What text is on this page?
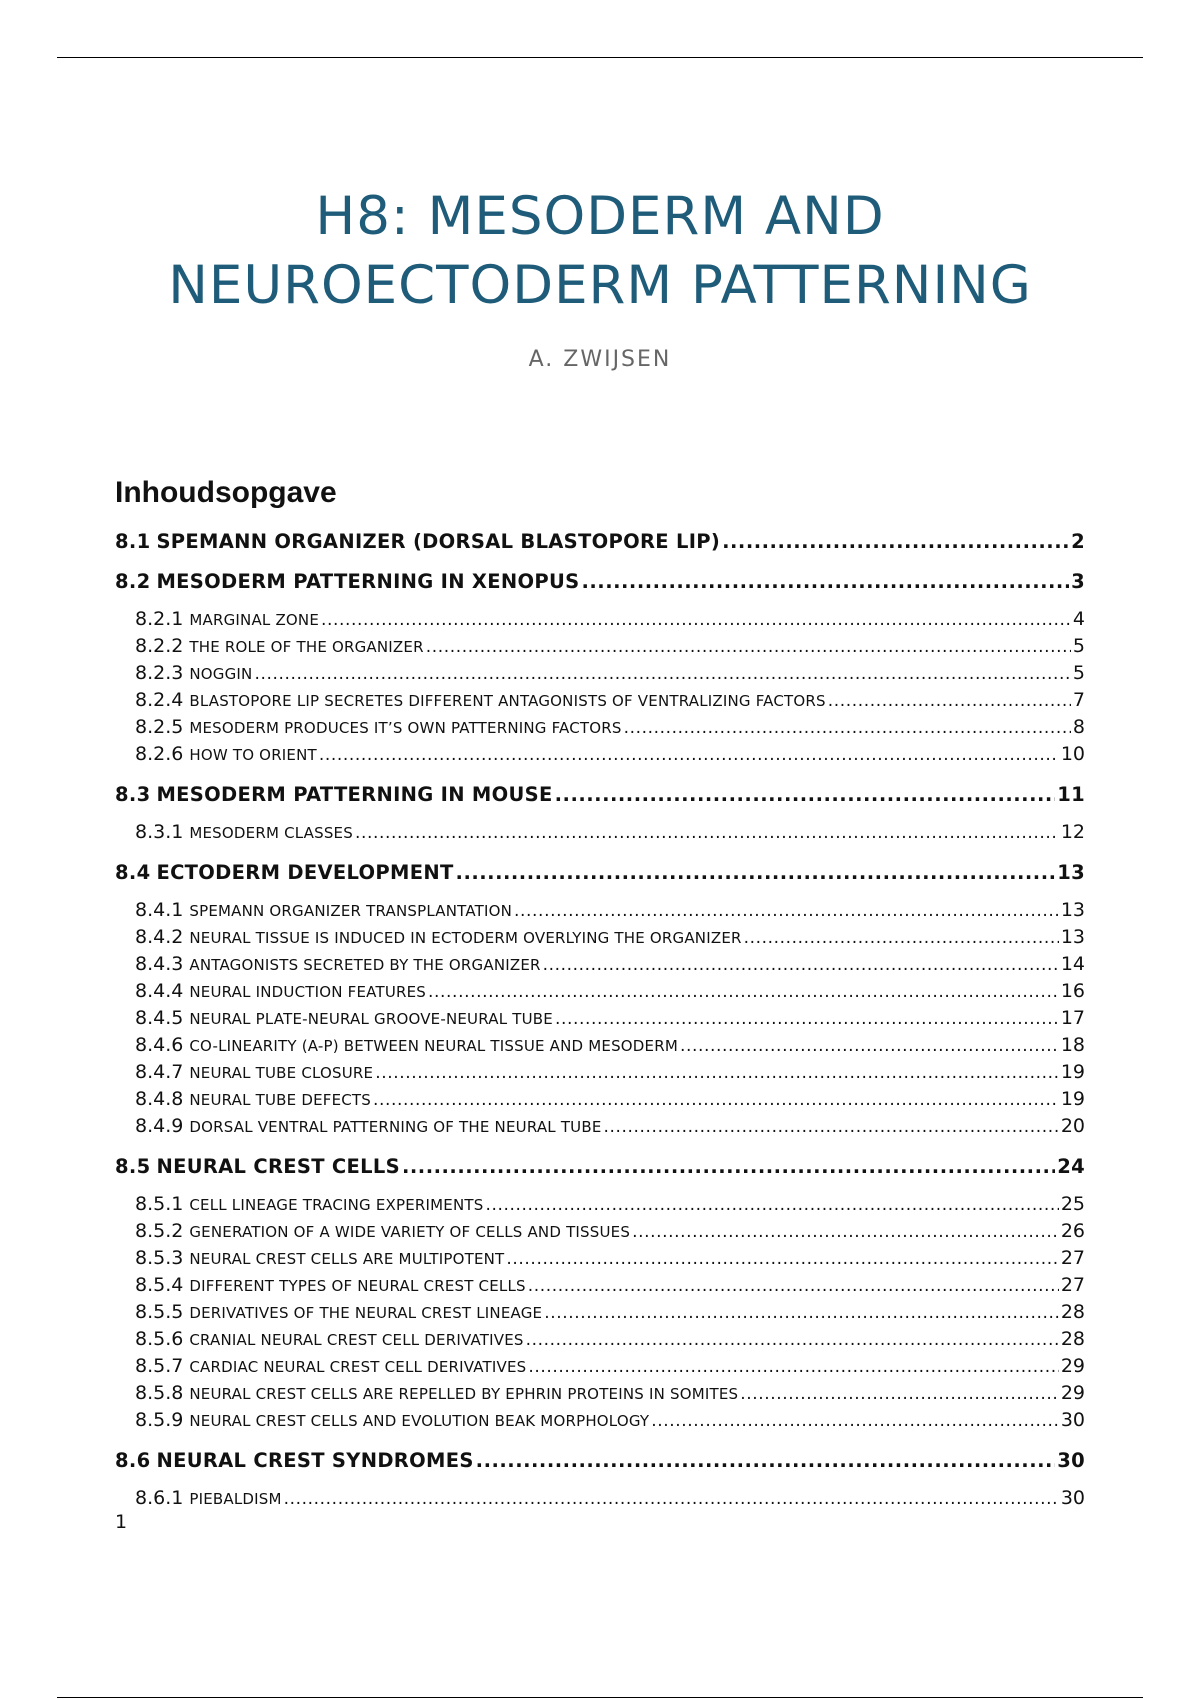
H8: MESODERM AND
NEUROECTODERM PATTERNING
A. ZWIJSEN
Inhoudsopgave
8.1 SPEMANN ORGANIZER (DORSAL BLASTOPORE LIP) .....	2
8.2 MESODERM PATTERNING IN XENOPUS .....	3
8.2.1 MARGINAL ZONE .....	4
8.2.2 THE ROLE OF THE ORGANIZER .....	5
8.2.3 NOGGIN .....	5
8.2.4 BLASTOPORE LIP SECRETES DIFFERENT ANTAGONISTS OF VENTRALIZING FACTORS .....	7
8.2.5 MESODERM PRODUCES IT’S OWN PATTERNING FACTORS .....	8
8.2.6 HOW TO ORIENT .....	10
8.3 MESODERM PATTERNING IN MOUSE .....	11
8.3.1 MESODERM CLASSES .....	12
8.4 ECTODERM DEVELOPMENT .....	13
8.4.1 SPEMANN ORGANIZER TRANSPLANTATION .....	13
8.4.2 NEURAL TISSUE IS INDUCED IN ECTODERM OVERLYING THE ORGANIZER .....	13
8.4.3 ANTAGONISTS SECRETED BY THE ORGANIZER .....	14
8.4.4 NEURAL INDUCTION FEATURES .....	16
8.4.5 NEURAL PLATE-NEURAL GROOVE-NEURAL TUBE .....	17
8.4.6 CO-LINEARITY (A-P) BETWEEN NEURAL TISSUE AND MESODERM .....	18
8.4.7 NEURAL TUBE CLOSURE .....	19
8.4.8 NEURAL TUBE DEFECTS .....	19
8.4.9 DORSAL VENTRAL PATTERNING OF THE NEURAL TUBE .....	20
8.5 NEURAL CREST CELLS .....	24
8.5.1 CELL LINEAGE TRACING EXPERIMENTS .....	25
8.5.2 GENERATION OF A WIDE VARIETY OF CELLS AND TISSUES .....	26
8.5.3 NEURAL CREST CELLS ARE MULTIPOTENT .....	27
8.5.4 DIFFERENT TYPES OF NEURAL CREST CELLS .....	27
8.5.5 DERIVATIVES OF THE NEURAL CREST LINEAGE .....	28
8.5.6 CRANIAL NEURAL CREST CELL DERIVATIVES .....	28
8.5.7 CARDIAC NEURAL CREST CELL DERIVATIVES .....	29
8.5.8 NEURAL CREST CELLS ARE REPELLED BY EPHRIN PROTEINS IN SOMITES .....	29
8.5.9 NEURAL CREST CELLS AND EVOLUTION BEAK MORPHOLOGY .....	30
8.6 NEURAL CREST SYNDROMES .....	30
8.6.1 PIEBALDISM .....	30
1
